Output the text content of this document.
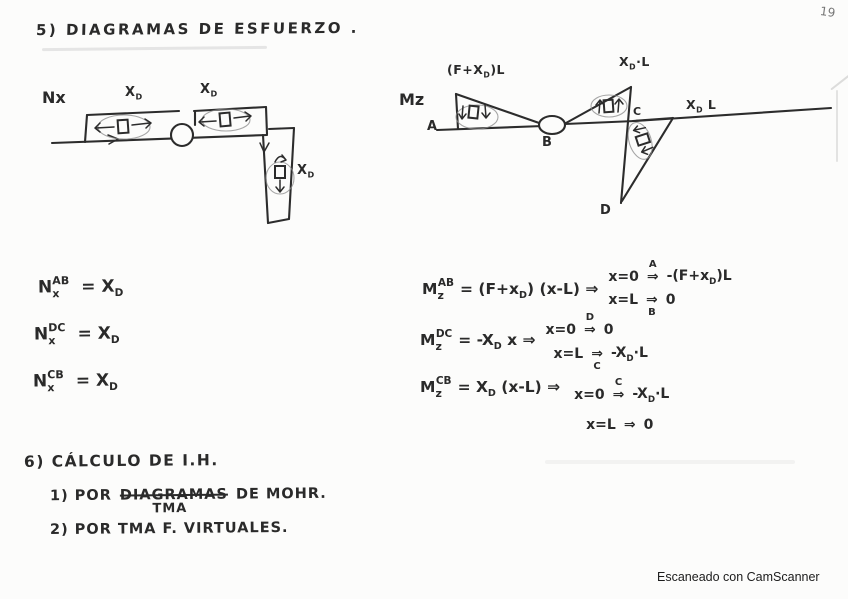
19
5) DIAGRAMAS DE ESFUERZO .
Nx	$X_D$
$X_D$
$X_D$
Mz
$(F+X_D)L$
$X_D\cdot L$
$X_D$ L
A
B
C
D
$N_x^{AB} = X_D$
$N_x^{DC} = X_D$
$N_x^{CB} = X_D$
$M_z^{AB} = (F+x_D)$ (x-L) ⇒
x=0
A
⇒ $-(F+x_D)L$
x=L ⇒
B
0
$M_z^{DC} = -X_D$ x ⇒
x=0
D
⇒ 0
x=L ⇒
C
$-X_D\cdot L$
$M_z^{CB} = X_D$ (x-L) ⇒ x=0
C
⇒ $-X_D\cdot L$
x=L ⇒ 0
6) CÁLCULO DE I.H.
1) POR DIAGRAMAS
TMA
DE MOHR.
2) POR TMA F. VIRTUALES.
Escaneado con CamScanner
